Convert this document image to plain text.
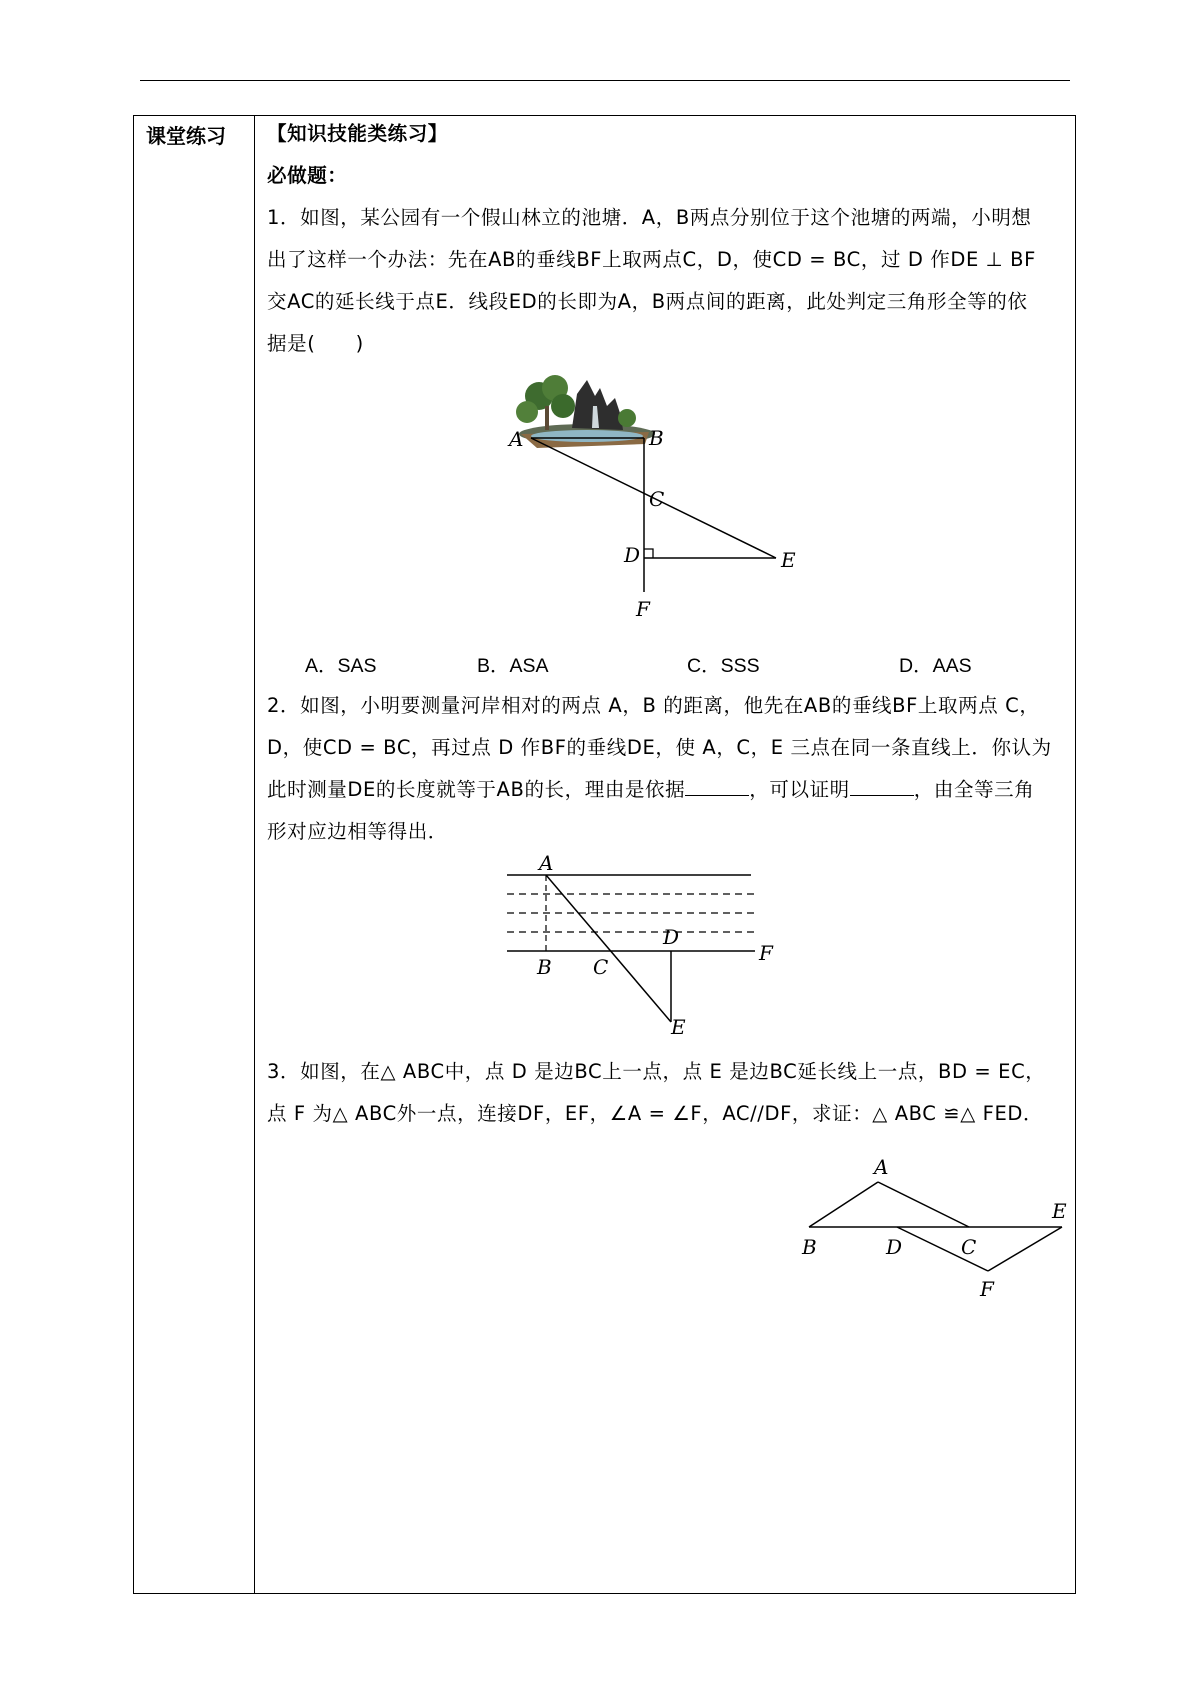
课堂练习 【知识技能类练习】
必做题：
1．如图，某公园有一个假山林立的池塘．A，B两点分别位于这个池塘的两端，小明想
出了这样一个办法：先在AB的垂线BF上取两点C，D，使CD = BC，过 D 作DE ⊥ BF
交AC的延长线于点E．线段ED的长即为A，B两点间的距离，此处判定三角形全等的依
据是(　　)
A	B
C
D	E
F
A．SAS	B．ASA	C．SSS	D．AAS
2．如图，小明要测量河岸相对的两点 A，B 的距离，他先在AB的垂线BF上取两点 C，
D，使CD = BC，再过点 D 作BF的垂线DE，使 A，C，E 三点在同一条直线上．你认为
此时测量DE的长度就等于AB的长，理由是依据	，可以证明	，由全等三角
形对应边相等得出．
A
B C
D
E
F
3．如图，在△ ABC中，点 D 是边BC上一点，点 E 是边BC延长线上一点，BD = EC，
点 F 为△ ABC外一点，连接DF，EF，∠A = ∠F，AC//DF，求证：△ ABC ≌△ FED．
A
B	D	C
E
F
